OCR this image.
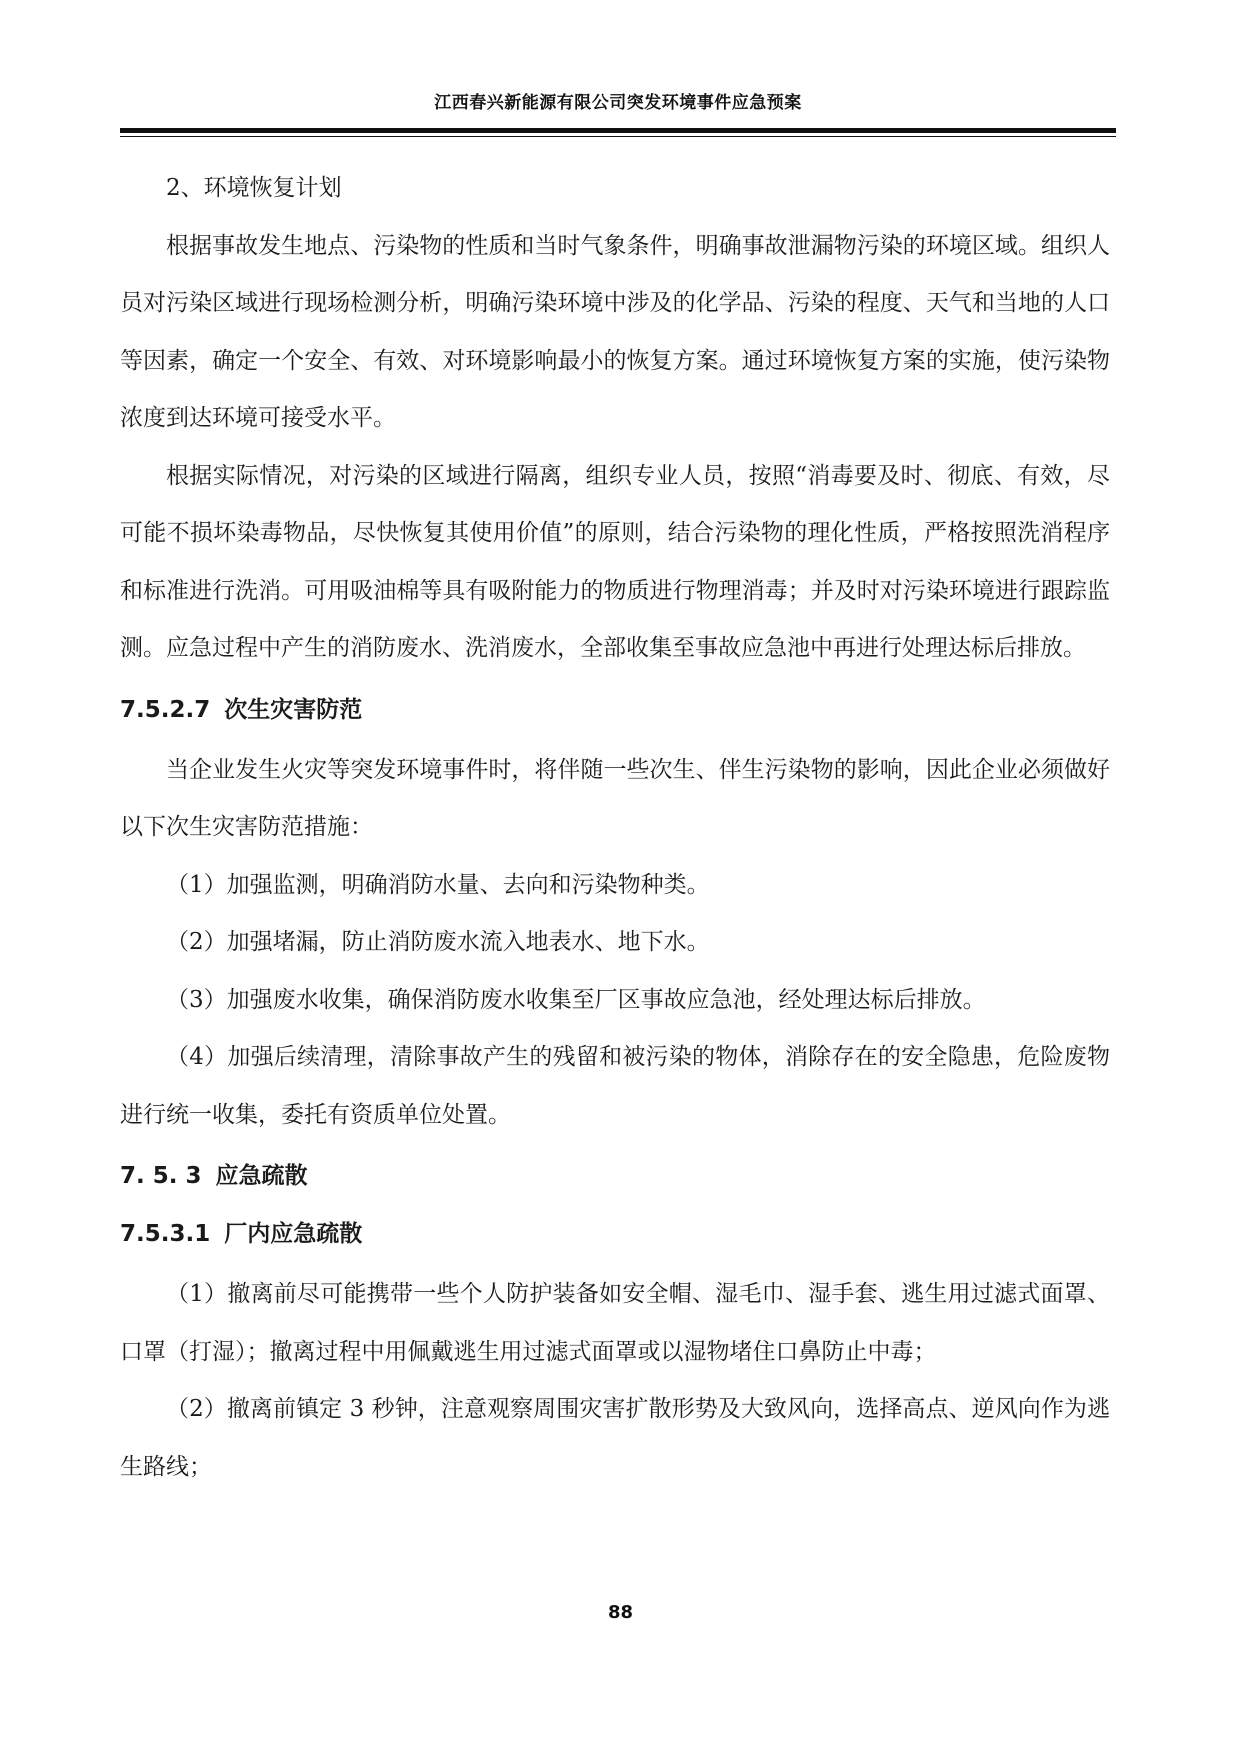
江西春兴新能源有限公司突发环境事件应急预案

2、环境恢复计划

根据事故发生地点、污染物的性质和当时气象条件，明确事故泄漏物污染的环境区域。组织人员对污染区域进行现场检测分析，明确污染环境中涉及的化学品、污染的程度、天气和当地的人口等因素，确定一个安全、有效、对环境影响最小的恢复方案。通过环境恢复方案的实施，使污染物浓度到达环境可接受水平。

根据实际情况，对污染的区域进行隔离，组织专业人员，按照“消毒要及时、彻底、有效，尽可能不损坏染毒物品，尽快恢复其使用价值”的原则，结合污染物的理化性质，严格按照洗消程序和标准进行洗消。可用吸油棉等具有吸附能力的物质进行物理消毒；并及时对污染环境进行跟踪监测。应急过程中产生的消防废水、洗消废水，全部收集至事故应急池中再进行处理达标后排放。

7.5.2.7 次生灾害防范

当企业发生火灾等突发环境事件时，将伴随一些次生、伴生污染物的影响，因此企业必须做好以下次生灾害防范措施：

（1）加强监测，明确消防水量、去向和污染物种类。

（2）加强堵漏，防止消防废水流入地表水、地下水。

（3）加强废水收集，确保消防废水收集至厂区事故应急池，经处理达标后排放。

（4）加强后续清理，清除事故产生的残留和被污染的物体，消除存在的安全隐患，危险废物进行统一收集，委托有资质单位处置。

7. 5. 3 应急疏散
7.5.3.1 厂内应急疏散

（1）撤离前尽可能携带一些个人防护装备如安全帽、湿毛巾、湿手套、逃生用过滤式面罩、口罩（打湿）；撤离过程中用佩戴逃生用过滤式面罩或以湿物堵住口鼻防止中毒；

（2）撤离前镇定 3 秒钟，注意观察周围灾害扩散形势及大致风向，选择高点、逆风向作为逃生路线；

88
